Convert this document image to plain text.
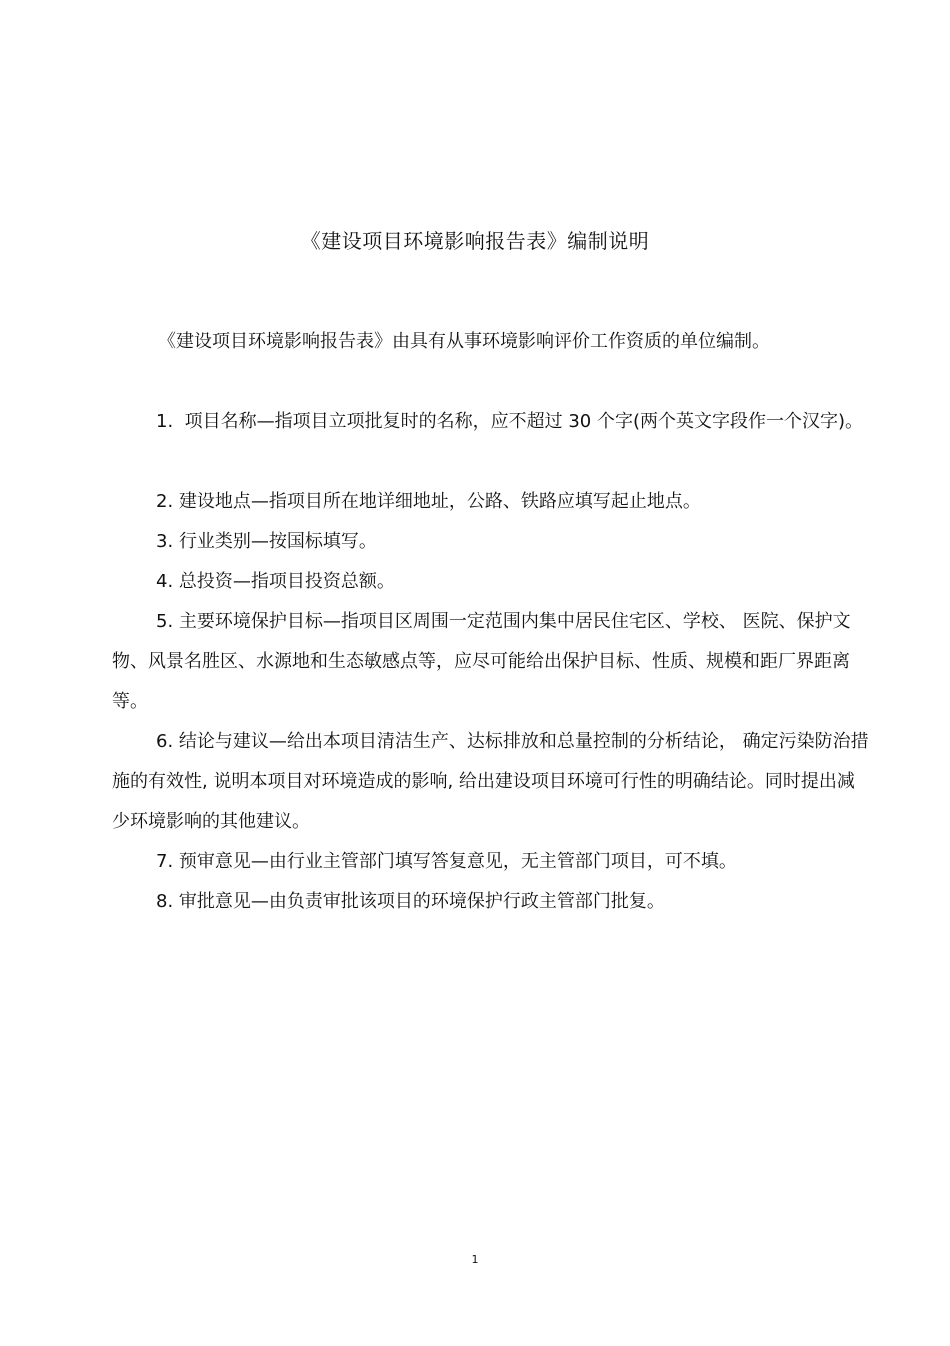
《建设项目环境影响报告表》编制说明
《建设项目环境影响报告表》由具有从事环境影响评价工作资质的单位编制。
1. 项目名称—指项目立项批复时的名称，应不超过 30 个字(两个英文字段作一个汉字)。
2. 建设地点—指项目所在地详细地址，公路、铁路应填写起止地点。
3. 行业类别—按国标填写。
4. 总投资—指项目投资总额。
5. 主要环境保护目标—指项目区周围一定范围内集中居民住宅区、学校、 医院、保护文物、风景名胜区、水源地和生态敏感点等，应尽可能给出保护目标、性质、规模和距厂界距离等。
6. 结论与建议—给出本项目清洁生产、达标排放和总量控制的分析结论， 确定污染防治措施的有效性, 说明本项目对环境造成的影响, 给出建设项目环境可行性的明确结论。同时提出减少环境影响的其他建议。
7. 预审意见—由行业主管部门填写答复意见，无主管部门项目，可不填。
8. 审批意见—由负责审批该项目的环境保护行政主管部门批复。
1
